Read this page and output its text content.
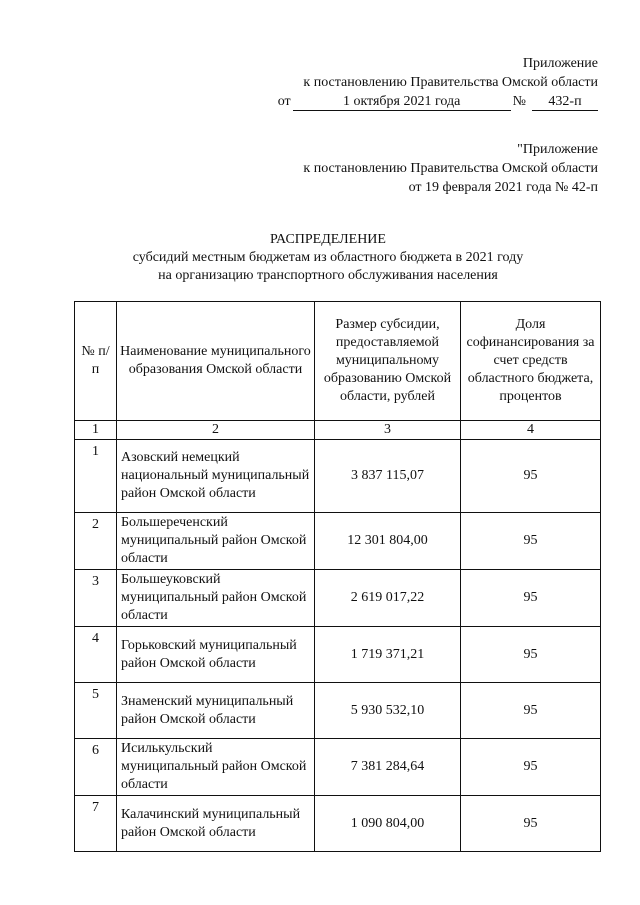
Приложение
к постановлению Правительства Омской области
от	1 октября 2021 года	№	432-п
"Приложение
к постановлению Правительства Омской области
от 19 февраля 2021 года № 42-п
РАСПРЕДЕЛЕНИЕ
субсидий местным бюджетам из областного бюджета в 2021 году
на организацию транспортного обслуживания населения
№ п/п	Наименование муниципального образования Омской области	Размер субсидии, предоставляемой муниципальному образованию Омской области, рублей	Доля софинансирования за счет средств областного бюджета, процентов
1	2	3	4
1	Азовский немецкий национальный муниципальный район Омской области	3 837 115,07	95
2	Большереченский муниципальный район Омской области	12 301 804,00	95
3	Большеуковский муниципальный район Омской области	2 619 017,22	95
4	Горьковский муниципальный район Омской области	1 719 371,21	95
5	Знаменский муниципальный район Омской области	5 930 532,10	95
6	Исилькульский муниципальный район Омской области	7 381 284,64	95
7	Калачинский муниципальный район Омской области	1 090 804,00	95
